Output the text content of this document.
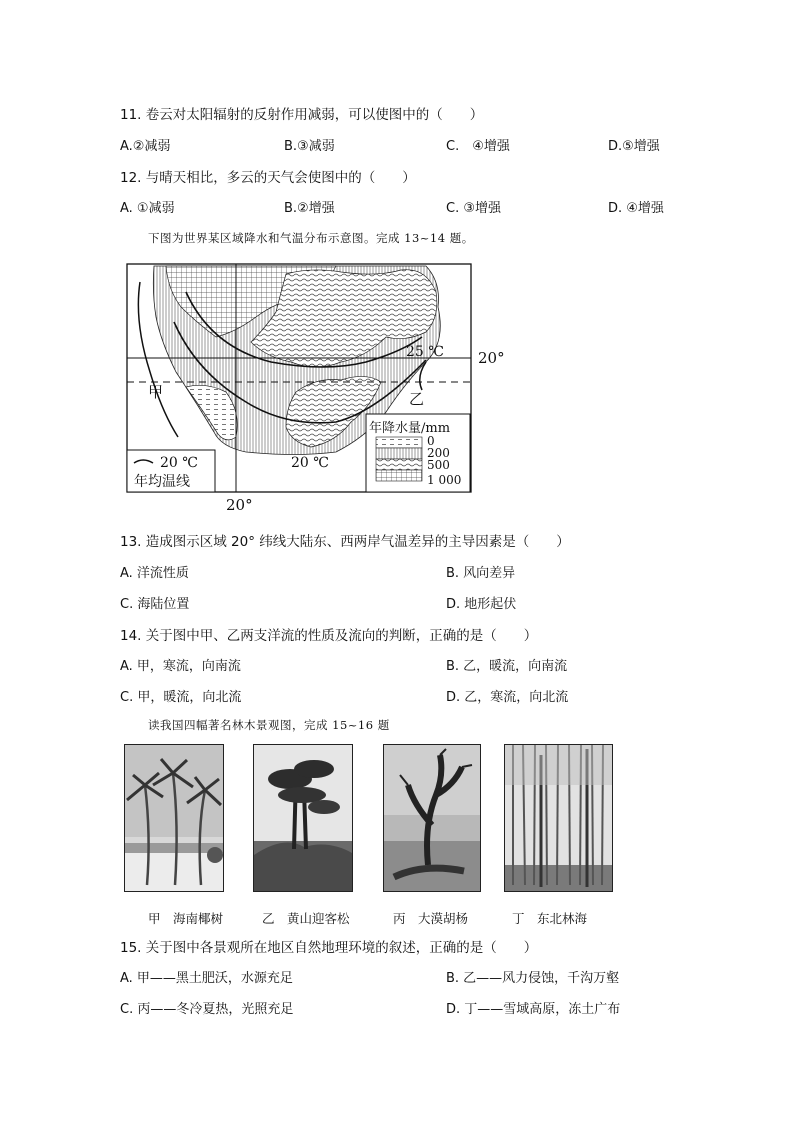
11. 卷云对太阳辐射的反射作用减弱，可以使图中的（　　）
A.②减弱	B.③减弱	C.　④增强	D.⑤增强
12. 与晴天相比，多云的天气会使图中的（　　）
A. ①减弱	B.②增强	C. ③增强	D. ④增强
下图为世界某区域降水和气温分布示意图。完成 13~14 题。
甲	乙
25 ℃
20 ℃
20°
20°
20 ℃
年均温线
年降水量/mm
0
200
500
1 000
13. 造成图示区域 20° 纬线大陆东、西两岸气温差异的主导因素是（　　）
A. 洋流性质	B. 风向差异
C. 海陆位置	D. 地形起伏
14. 关于图中甲、乙两支洋流的性质及流向的判断，正确的是（　　）
A. 甲，寒流，向南流	B. 乙，暖流，向南流
C. 甲，暖流，向北流	D. 乙，寒流，向北流
读我国四幅著名林木景观图，完成 15~16 题
甲　海南椰树	乙　黄山迎客松	丙　大漠胡杨	丁　东北林海
15. 关于图中各景观所在地区自然地理环境的叙述，正确的是（　　）
A. 甲——黑土肥沃，水源充足	B. 乙——风力侵蚀，千沟万壑
C. 丙——冬冷夏热，光照充足	D. 丁——雪域高原，冻土广布
